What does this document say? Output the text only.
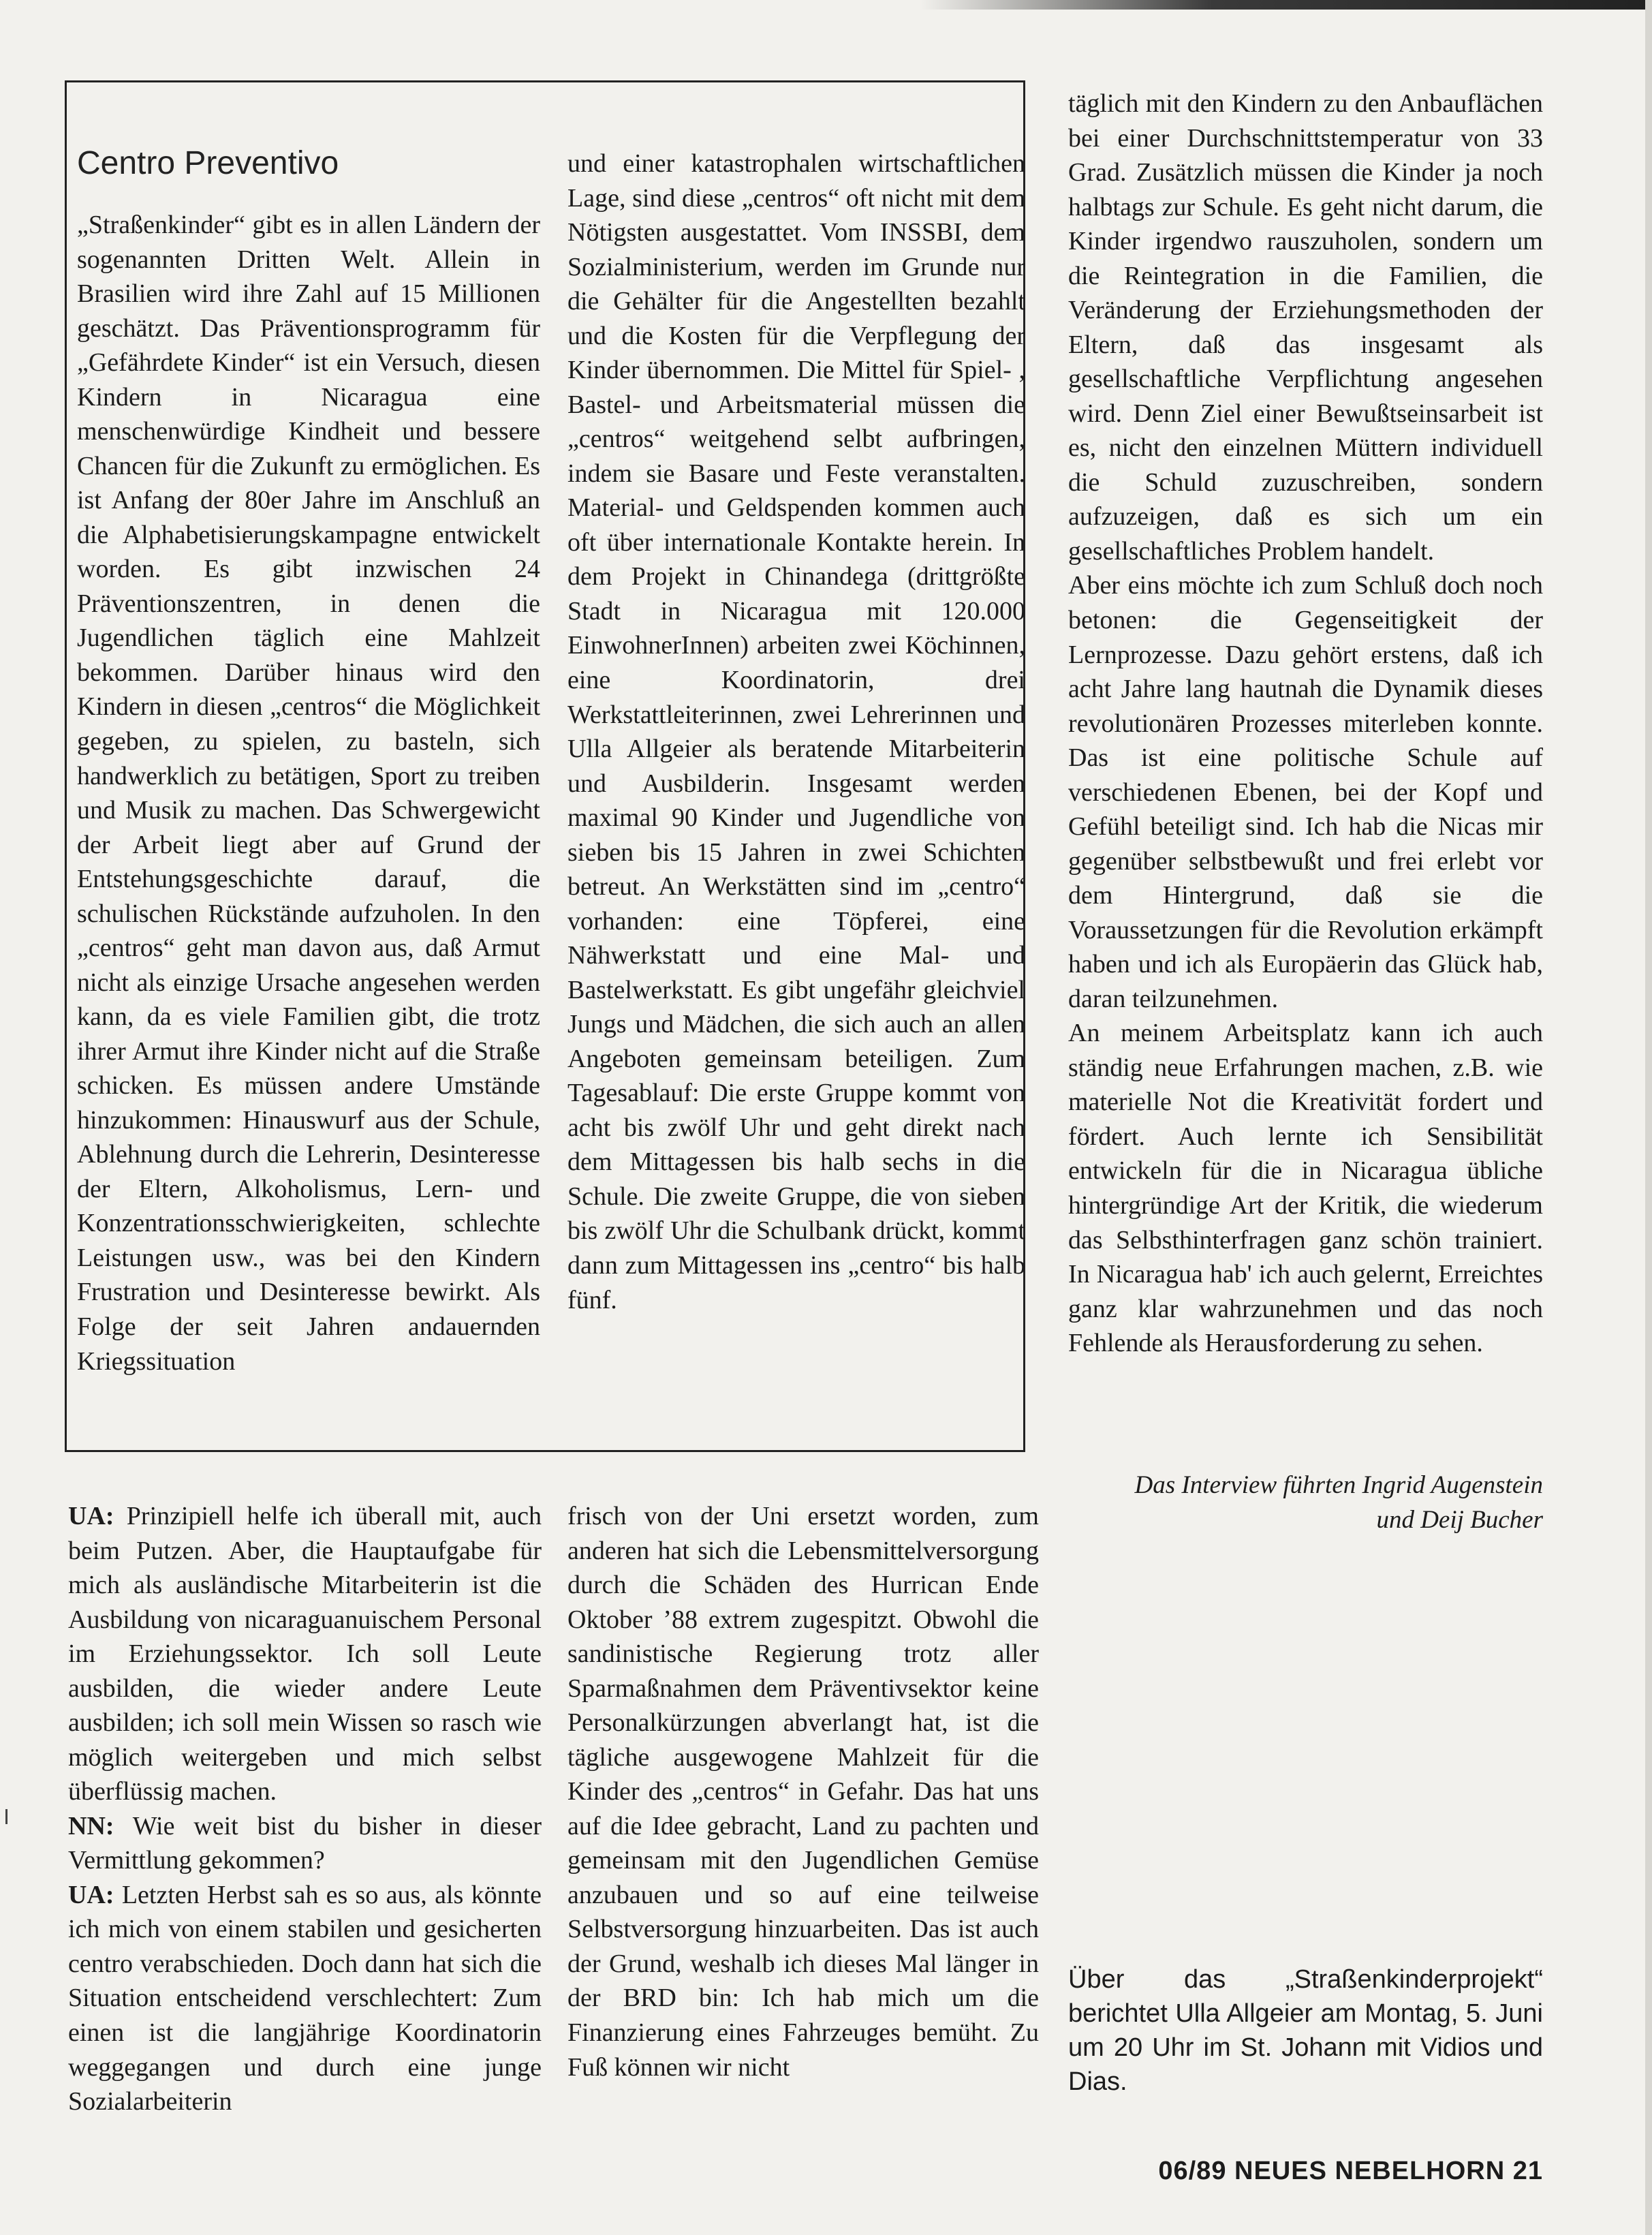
Centro Preventivo

„Straßenkinder“ gibt es in allen Ländern der sogenannten Dritten Welt. Allein in Brasilien wird ihre Zahl auf 15 Millionen geschätzt. Das Präventionsprogramm für „Gefährdete Kinder“ ist ein Versuch, diesen Kindern in Nicaragua eine menschenwürdige Kindheit und bessere Chancen für die Zukunft zu ermöglichen. Es ist Anfang der 80er Jahre im Anschluß an die Alphabetisierungskampagne entwickelt worden. Es gibt inzwischen 24 Präventionszentren, in denen die Jugendlichen täglich eine Mahlzeit bekommen. Darüber hinaus wird den Kindern in diesen „centros“ die Möglichkeit gegeben, zu spielen, zu basteln, sich handwerklich zu betätigen, Sport zu treiben und Musik zu machen. Das Schwergewicht der Arbeit liegt aber auf Grund der Entstehungsgeschichte darauf, die schulischen Rückstände aufzuholen. In den „centros“ geht man davon aus, daß Armut nicht als einzige Ursache angesehen werden kann, da es viele Familien gibt, die trotz ihrer Armut ihre Kinder nicht auf die Straße schicken. Es müssen andere Umstände hinzukommen: Hinauswurf aus der Schule, Ablehnung durch die Lehrerin, Desinteresse der Eltern, Alkoholismus, Lern- und Konzentrationsschwierigkeiten, schlechte Leistungen usw., was bei den Kindern Frustration und Desinteresse bewirkt. Als Folge der seit Jahren andauernden Kriegssituation

und einer katastrophalen wirtschaftlichen Lage, sind diese „centros“ oft nicht mit dem Nötigsten ausgestattet. Vom INSSBI, dem Sozialministerium, werden im Grunde nur die Gehälter für die Angestellten bezahlt und die Kosten für die Verpflegung der Kinder übernommen. Die Mittel für Spiel- , Bastel- und Arbeitsmaterial müssen die „centros“ weitgehend selbt aufbringen, indem sie Basare und Feste veranstalten. Material- und Geldspenden kommen auch oft über internationale Kontakte herein. In dem Projekt in Chinandega (drittgrößte Stadt in Nicaragua mit 120.000 EinwohnerInnen) arbeiten zwei Köchinnen, eine Koordinatorin, drei Werkstattleiterinnen, zwei Lehrerinnen und Ulla Allgeier als beratende Mitarbeiterin und Ausbilderin. Insgesamt werden maximal 90 Kinder und Jugendliche von sieben bis 15 Jahren in zwei Schichten betreut. An Werkstätten sind im „centro“ vorhanden: eine Töpferei, eine Nähwerkstatt und eine Mal- und Bastelwerkstatt. Es gibt ungefähr gleichviel Jungs und Mädchen, die sich auch an allen Angeboten gemeinsam beteiligen. Zum Tagesablauf: Die erste Gruppe kommt von acht bis zwölf Uhr und geht direkt nach dem Mittagessen bis halb sechs in die Schule. Die zweite Gruppe, die von sieben bis zwölf Uhr die Schulbank drückt, kommt dann zum Mittagessen ins „centro“ bis halb fünf.

täglich mit den Kindern zu den Anbauflächen bei einer Durchschnittstemperatur von 33 Grad. Zusätzlich müssen die Kinder ja noch halbtags zur Schule. Es geht nicht darum, die Kinder irgendwo rauszuholen, sondern um die Reintegration in die Familien, die Veränderung der Erziehungsmethoden der Eltern, daß das insgesamt als gesellschaftliche Verpflichtung angesehen wird. Denn Ziel einer Bewußtseinsarbeit ist es, nicht den einzelnen Müttern individuell die Schuld zuzuschreiben, sondern aufzuzeigen, daß es sich um ein gesellschaftliches Problem handelt.

Aber eins möchte ich zum Schluß doch noch betonen: die Gegenseitigkeit der Lernprozesse. Dazu gehört erstens, daß ich acht Jahre lang hautnah die Dynamik dieses revolutionären Prozesses miterleben konnte. Das ist eine politische Schule auf verschiedenen Ebenen, bei der Kopf und Gefühl beteiligt sind. Ich hab die Nicas mir gegenüber selbstbewußt und frei erlebt vor dem Hintergrund, daß sie die Voraussetzungen für die Revolution erkämpft haben und ich als Europäerin das Glück hab, daran teilzunehmen.

An meinem Arbeitsplatz kann ich auch ständig neue Erfahrungen machen, z.B. wie materielle Not die Kreativität fordert und fördert. Auch lernte ich Sensibilität entwickeln für die in Nicaragua übliche hintergründige Art der Kritik, die wiederum das Selbsthinterfragen ganz schön trainiert. In Nicaragua hab' ich auch gelernt, Erreichtes ganz klar wahrzunehmen und das noch Fehlende als Herausforderung zu sehen.

Das Interview führten Ingrid Augenstein
und Deij Bucher

UA: Prinzipiell helfe ich überall mit, auch beim Putzen. Aber, die Hauptaufgabe für mich als ausländische Mitarbeiterin ist die Ausbildung von nicaraguanuischem Personal im Erziehungssektor. Ich soll Leute ausbilden, die wieder andere Leute ausbilden; ich soll mein Wissen so rasch wie möglich weitergeben und mich selbst überflüssig machen.

NN: Wie weit bist du bisher in dieser Vermittlung gekommen?

UA: Letzten Herbst sah es so aus, als könnte ich mich von einem stabilen und gesicherten centro verabschieden. Doch dann hat sich die Situation entscheidend verschlechtert: Zum einen ist die langjährige Koordinatorin weggegangen und durch eine junge Sozialarbeiterin

frisch von der Uni ersetzt worden, zum anderen hat sich die Lebensmittelversorgung durch die Schäden des Hurrican Ende Oktober ’88 extrem zugespitzt. Obwohl die sandinistische Regierung trotz aller Sparmaßnahmen dem Präventivsektor keine Personalkürzungen abverlangt hat, ist die tägliche ausgewogene Mahlzeit für die Kinder des „centros“ in Gefahr. Das hat uns auf die Idee gebracht, Land zu pachten und gemeinsam mit den Jugendlichen Gemüse anzubauen und so auf eine teilweise Selbstversorgung hinzuarbeiten. Das ist auch der Grund, weshalb ich dieses Mal länger in der BRD bin: Ich hab mich um die Finanzierung eines Fahrzeuges bemüht. Zu Fuß können wir nicht

Über das „Straßenkinderprojekt“ berichtet Ulla Allgeier am Montag, 5. Juni um 20 Uhr im St. Johann mit Vidios und Dias.
06/89 NEUES NEBELHORN 21
